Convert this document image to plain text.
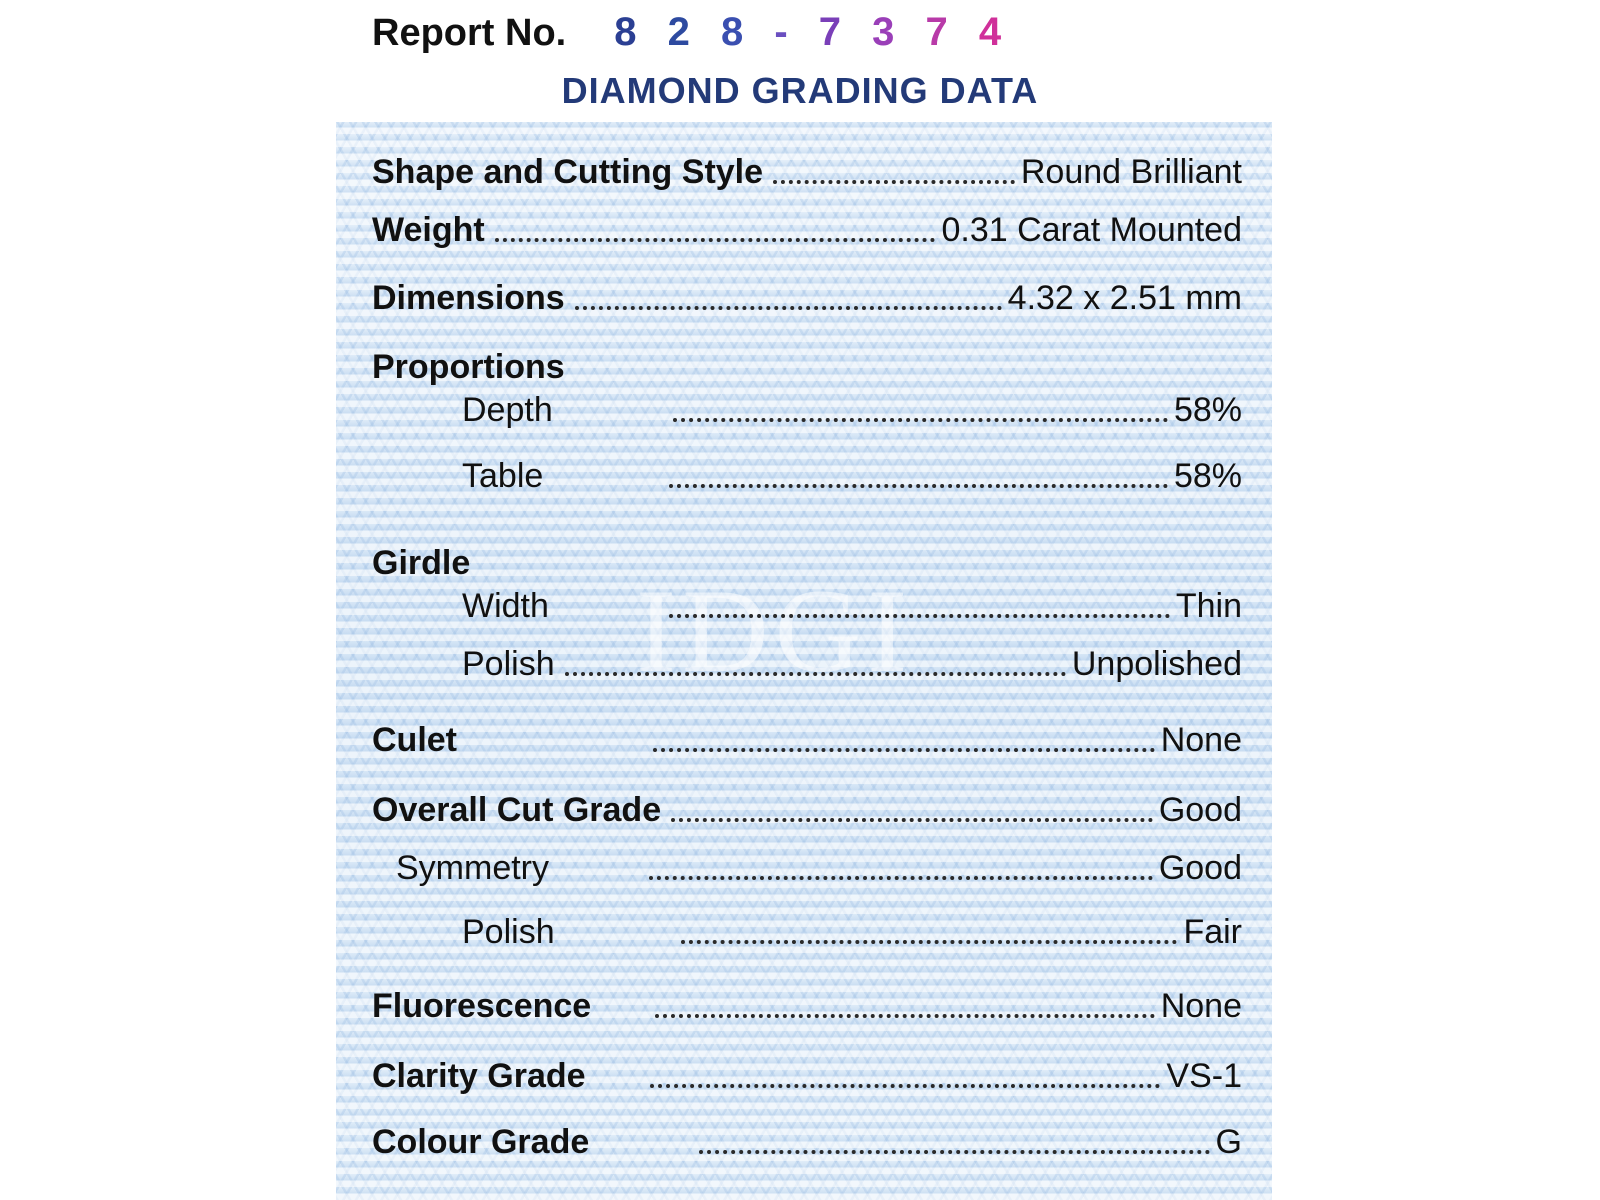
Report No. 8 2 8 - 7 3 7 4
DIAMOND GRADING DATA
IDGI
Shape and Cutting Style	Round Brilliant
Weight	0.31 Carat Mounted
Dimensions	4.32 x 2.51 mm
Proportions
Depth	58%
Table	58%
Girdle
Width	Thin
Polish	Unpolished
Culet	None
Overall Cut Grade	Good
Symmetry	Good
Polish	Fair
Fluorescence	None
Clarity Grade	VS-1
Colour Grade	G
